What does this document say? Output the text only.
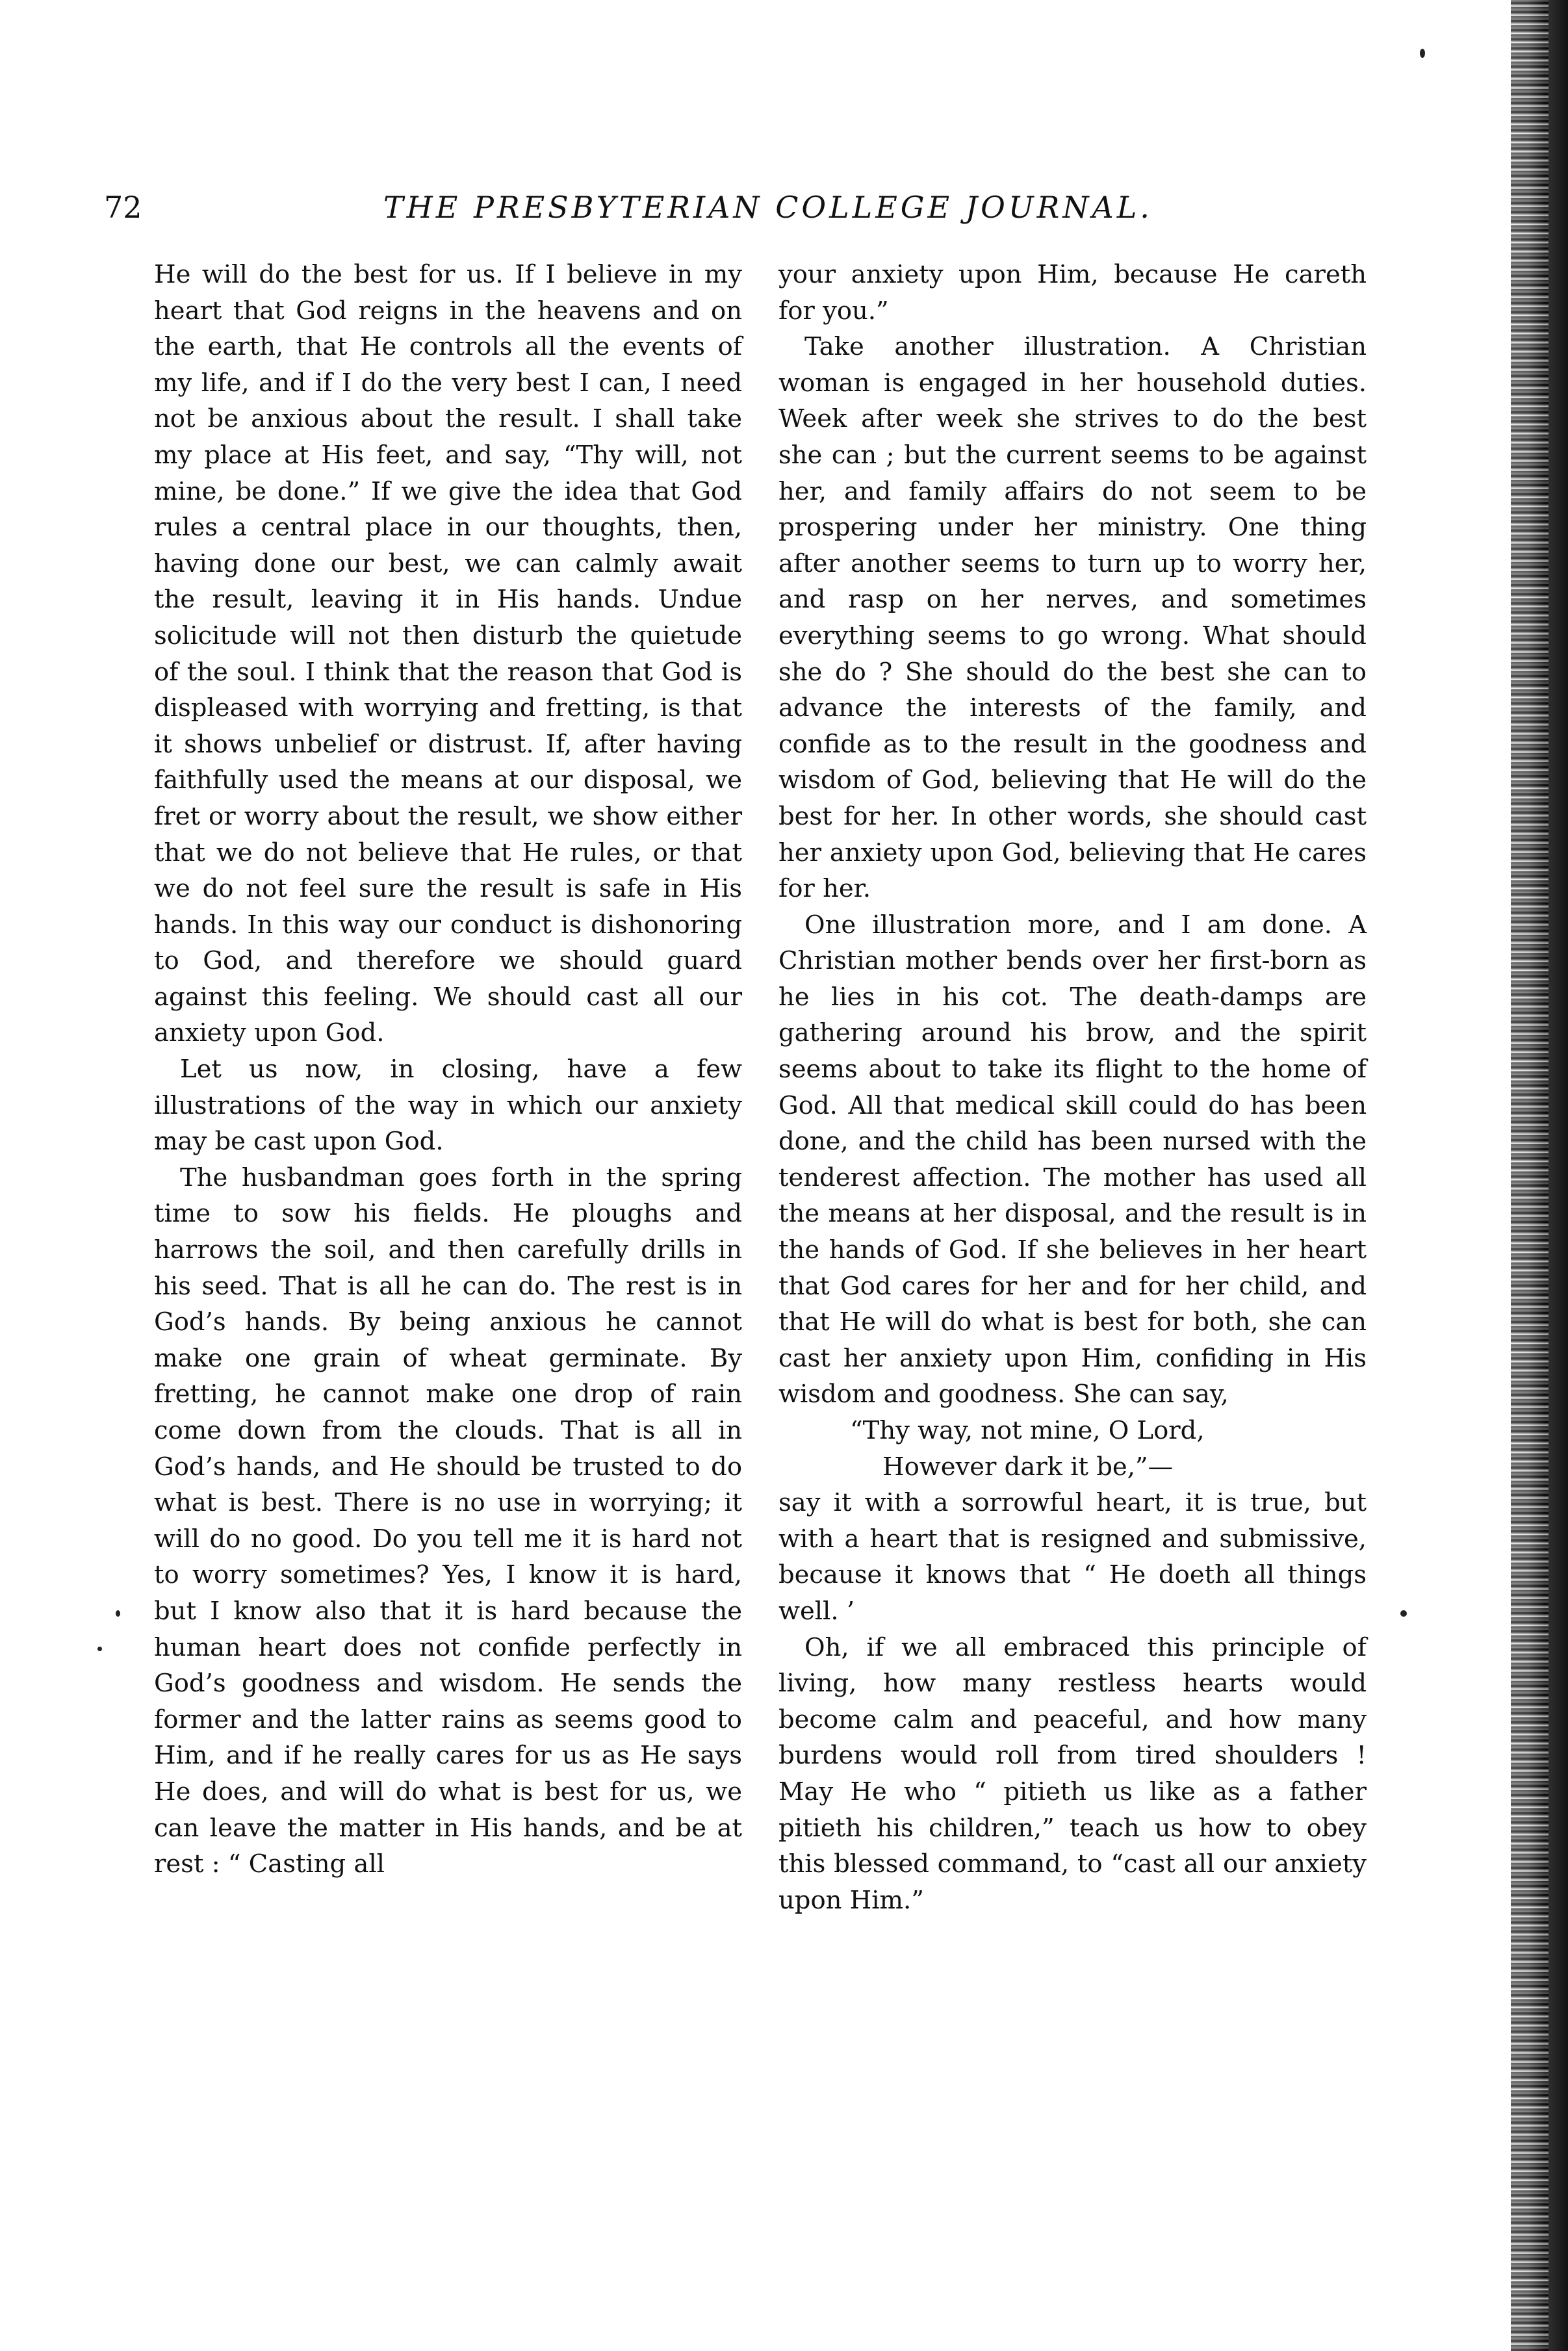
72	THE PRESBYTERIAN COLLEGE JOURNAL.

He will do the best for us. If I believe in my heart that God reigns in the heavens and on the earth, that He controls all the events of my life, and if I do the very best I can, I need not be anxious about the result. I shall take my place at His feet, and say, “Thy will, not mine, be done.” If we give the idea that God rules a central place in our thoughts, then, having done our best, we can calmly await the result, leaving it in His hands. Undue solicitude will not then disturb the quietude of the soul. I think that the reason that God is displeased with worrying and fretting, is that it shows unbelief or distrust. If, after having faithfully used the means at our disposal, we fret or worry about the result, we show either that we do not believe that He rules, or that we do not feel sure the result is safe in His hands. In this way our conduct is dishonoring to God, and therefore we should guard against this feeling. We should cast all our anxiety upon God.

Let us now, in closing, have a few illustrations of the way in which our anxiety may be cast upon God.

The husbandman goes forth in the spring time to sow his fields. He ploughs and harrows the soil, and then carefully drills in his seed. That is all he can do. The rest is in God’s hands. By being anxious he cannot make one grain of wheat germinate. By fretting, he cannot make one drop of rain come down from the clouds. That is all in God’s hands, and He should be trusted to do what is best. There is no use in worrying; it will do no good. Do you tell me it is hard not to worry sometimes? Yes, I know it is hard, but I know also that it is hard because the human heart does not confide perfectly in God’s goodness and wisdom. He sends the former and the latter rains as seems good to Him, and if he really cares for us as He says He does, and will do what is best for us, we can leave the matter in His hands, and be at rest : “ Casting all

your anxiety upon Him, because He careth for you.”

Take another illustration. A Christian woman is engaged in her household duties. Week after week she strives to do the best she can ; but the current seems to be against her, and family affairs do not seem to be prospering under her ministry. One thing after another seems to turn up to worry her, and rasp on her nerves, and sometimes everything seems to go wrong. What should she do ? She should do the best she can to advance the interests of the family, and confide as to the result in the goodness and wisdom of God, believing that He will do the best for her. In other words, she should cast her anxiety upon God, believing that He cares for her.

One illustration more, and I am done. A Christian mother bends over her first-born as he lies in his cot. The death-damps are gathering around his brow, and the spirit seems about to take its flight to the home of God. All that medical skill could do has been done, and the child has been nursed with the tenderest affection. The mother has used all the means at her disposal, and the result is in the hands of God. If she believes in her heart that God cares for her and for her child, and that He will do what is best for both, she can cast her anxiety upon Him, confiding in His wisdom and goodness. She can say,

“Thy way, not mine, O Lord,
However dark it be,”—

say it with a sorrowful heart, it is true, but with a heart that is resigned and submissive, because it knows that “ He doeth all things well. ’

Oh, if we all embraced this principle of living, how many restless hearts would become calm and peaceful, and how many burdens would roll from tired shoulders ! May He who “ pitieth us like as a father pitieth his children,” teach us how to obey this blessed command, to “cast all our anxiety upon Him.”
